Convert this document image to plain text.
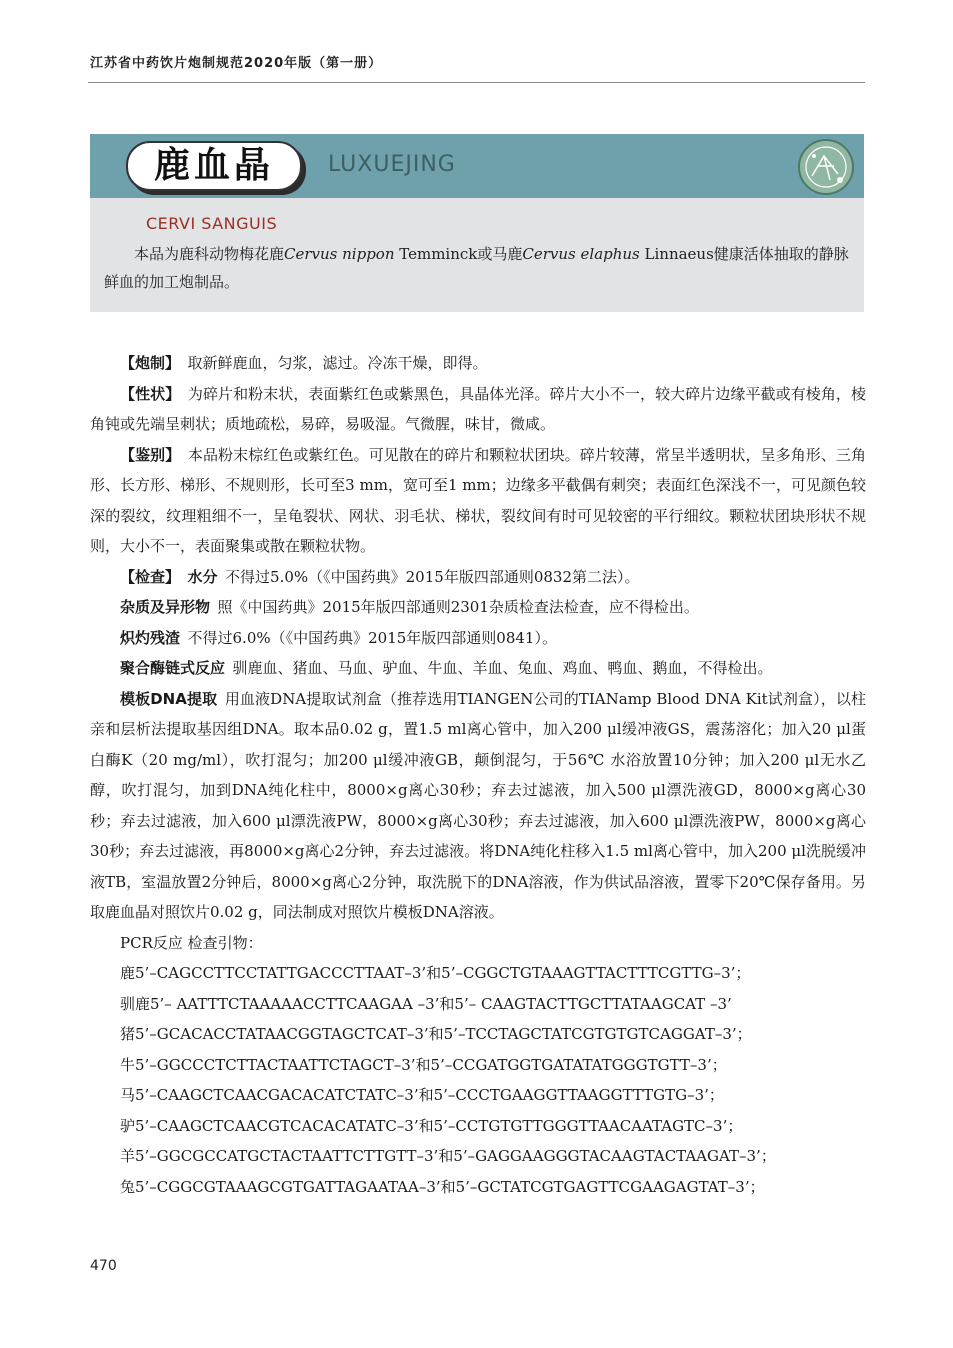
江苏省中药饮片炮制规范2020年版（第一册）
鹿血晶	LUXUEJING
CERVI SANGUIS
  本品为鹿科动物梅花鹿Cervus nippon Temminck或马鹿Cervus elaphus Linnaeus健康活体抽取的静脉鲜血的加工炮制品。

【炮制】  取新鲜鹿血，匀浆，滤过。冷冻干燥，即得。

【性状】  为碎片和粉末状，表面紫红色或紫黑色，具晶体光泽。碎片大小不一，较大碎片边缘平截或有棱角，棱角钝或先端呈刺状；质地疏松，易碎，易吸湿。气微腥，味甘，微咸。

【鉴别】  本品粉末棕红色或紫红色。可见散在的碎片和颗粒状团块。碎片较薄，常呈半透明状，呈多角形、三角形、长方形、梯形、不规则形，长可至3 mm，宽可至1 mm；边缘多平截偶有刺突；表面红色深浅不一，可见颜色较深的裂纹，纹理粗细不一，呈龟裂状、网状、羽毛状、梯状，裂纹间有时可见较密的平行细纹。颗粒状团块形状不规则，大小不一，表面聚集或散在颗粒状物。

【检查】  水分  不得过5.0%（《中国药典》2015年版四部通则0832第二法）。

杂质及异形物  照《中国药典》2015年版四部通则2301杂质检查法检查，应不得检出。

炽灼残渣  不得过6.0%（《中国药典》2015年版四部通则0841）。

聚合酶链式反应  驯鹿血、猪血、马血、驴血、牛血、羊血、兔血、鸡血、鸭血、鹅血，不得检出。

模板DNA提取  用血液DNA提取试剂盒（推荐选用TIANGEN公司的TIANamp Blood DNA Kit试剂盒），以柱亲和层析法提取基因组DNA。取本品0.02 g，置1.5 ml离心管中，加入200 μl缓冲液GS，震荡溶化；加入20 μl蛋白酶K（20 mg/ml），吹打混匀；加200 μl缓冲液GB，颠倒混匀，于56℃ 水浴放置10分钟；加入200 μl无水乙醇，吹打混匀，加到DNA纯化柱中，8000×g离心30秒；弃去过滤液，加入500 μl漂洗液GD，8000×g离心30秒；弃去过滤液，加入600 μl漂洗液PW，8000×g离心30秒；弃去过滤液，加入600 μl漂洗液PW，8000×g离心30秒；弃去过滤液，再8000×g离心2分钟，弃去过滤液。将DNA纯化柱移入1.5 ml离心管中，加入200 μl洗脱缓冲液TB，室温放置2分钟后，8000×g离心2分钟，取洗脱下的DNA溶液，作为供试品溶液，置零下20℃保存备用。另取鹿血晶对照饮片0.02 g，同法制成对照饮片模板DNA溶液。

PCR反应 检查引物：

鹿5’–CAGCCTTCCTATTGACCCTTAAT–3’和5’–CGGCTGTAAAGTTACTTTCGTTG–3’；

驯鹿5’– AATTTCTAAAAACCTTCAAGAA –3’和5’– CAAGTACTTGCTTATAAGCAT –3’

猪5’–GCACACCTATAACGGTAGCTCAT–3’和5’–TCCTAGCTATCGTGTGTCAGGAT–3’；

牛5’–GGCCCTCTTACTAATTCTAGCT–3’和5’–CCGATGGTGATATATGGGTGTT–3’；

马5’–CAAGCTCAACGACACATCTATC–3’和5’–CCCTGAAGGTTAAGGTTTGTG–3’；

驴5’–CAAGCTCAACGTCACACATATC–3’和5’–CCTGTGTTGGGTTAACAATAGTC–3’；

羊5’–GGCGCCATGCTACTAATTCTTGTT–3’和5’–GAGGAAGGGTACAAGTACTAAGAT–3’；

兔5’–CGGCGTAAAGCGTGATTAGAATAA–3’和5’–GCTATCGTGAGTTCGAAGAGTAT–3’；

470
